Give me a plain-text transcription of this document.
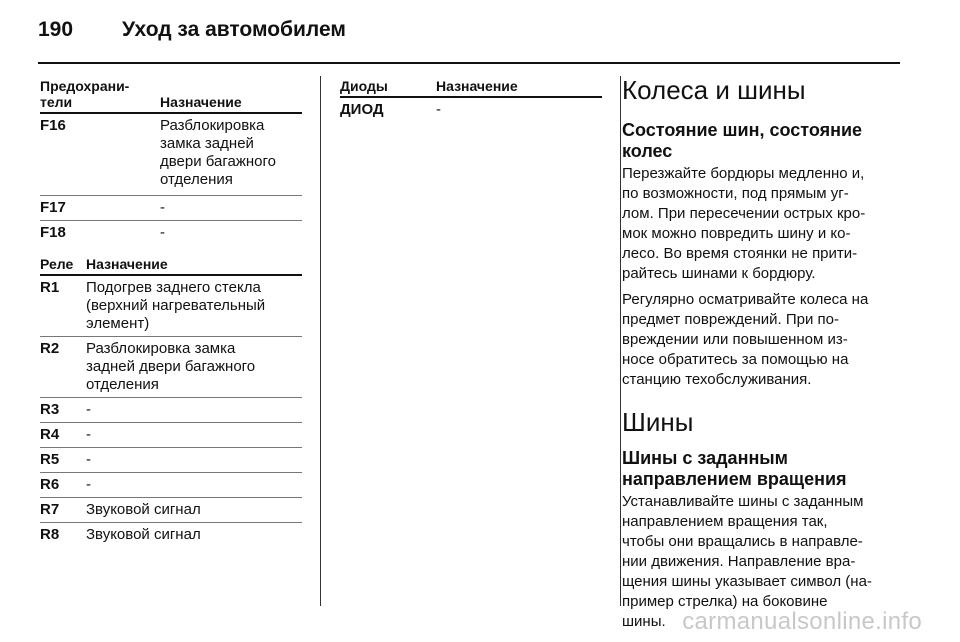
190 Уход за автомобилем
Предохрани-
тели	Назначение
F16	Разблокировка
замка задней
двери багажного
отделения
F17	-
F18	-
Реле Назначение
R1 Подогрев заднего стекла
(верхний нагревательный
элемент)
R2 Разблокировка замка
задней двери багажного
отделения
R3 -
R4 -
R5 -
R6 -
R7 Звуковой сигнал
R8 Звуковой сигнал
Диоды	Назначение
ДИОД	-
Колеса и шины
Состояние шин, состояние
колес

Перезжайте бордюры медленно и,
по возможности, под прямым уг-
лом. При пересечении острых кро-
мок можно повредить шину и ко-
лесо. Во время стоянки не прити-
райтесь шинами к бордюру.

Регулярно осматривайте колеса на
предмет повреждений. При по-
вреждении или повышенном из-
носе обратитесь за помощью на
станцию техобслуживания.

Шины
Шины с заданным
направлением вращения

Устанавливайте шины с заданным
направлением вращения так,
чтобы они вращались в направле-
нии движения. Направление вра-
щения шины указывает символ (на-
пример стрелка) на боковине
шины. carmanualsonline.info
